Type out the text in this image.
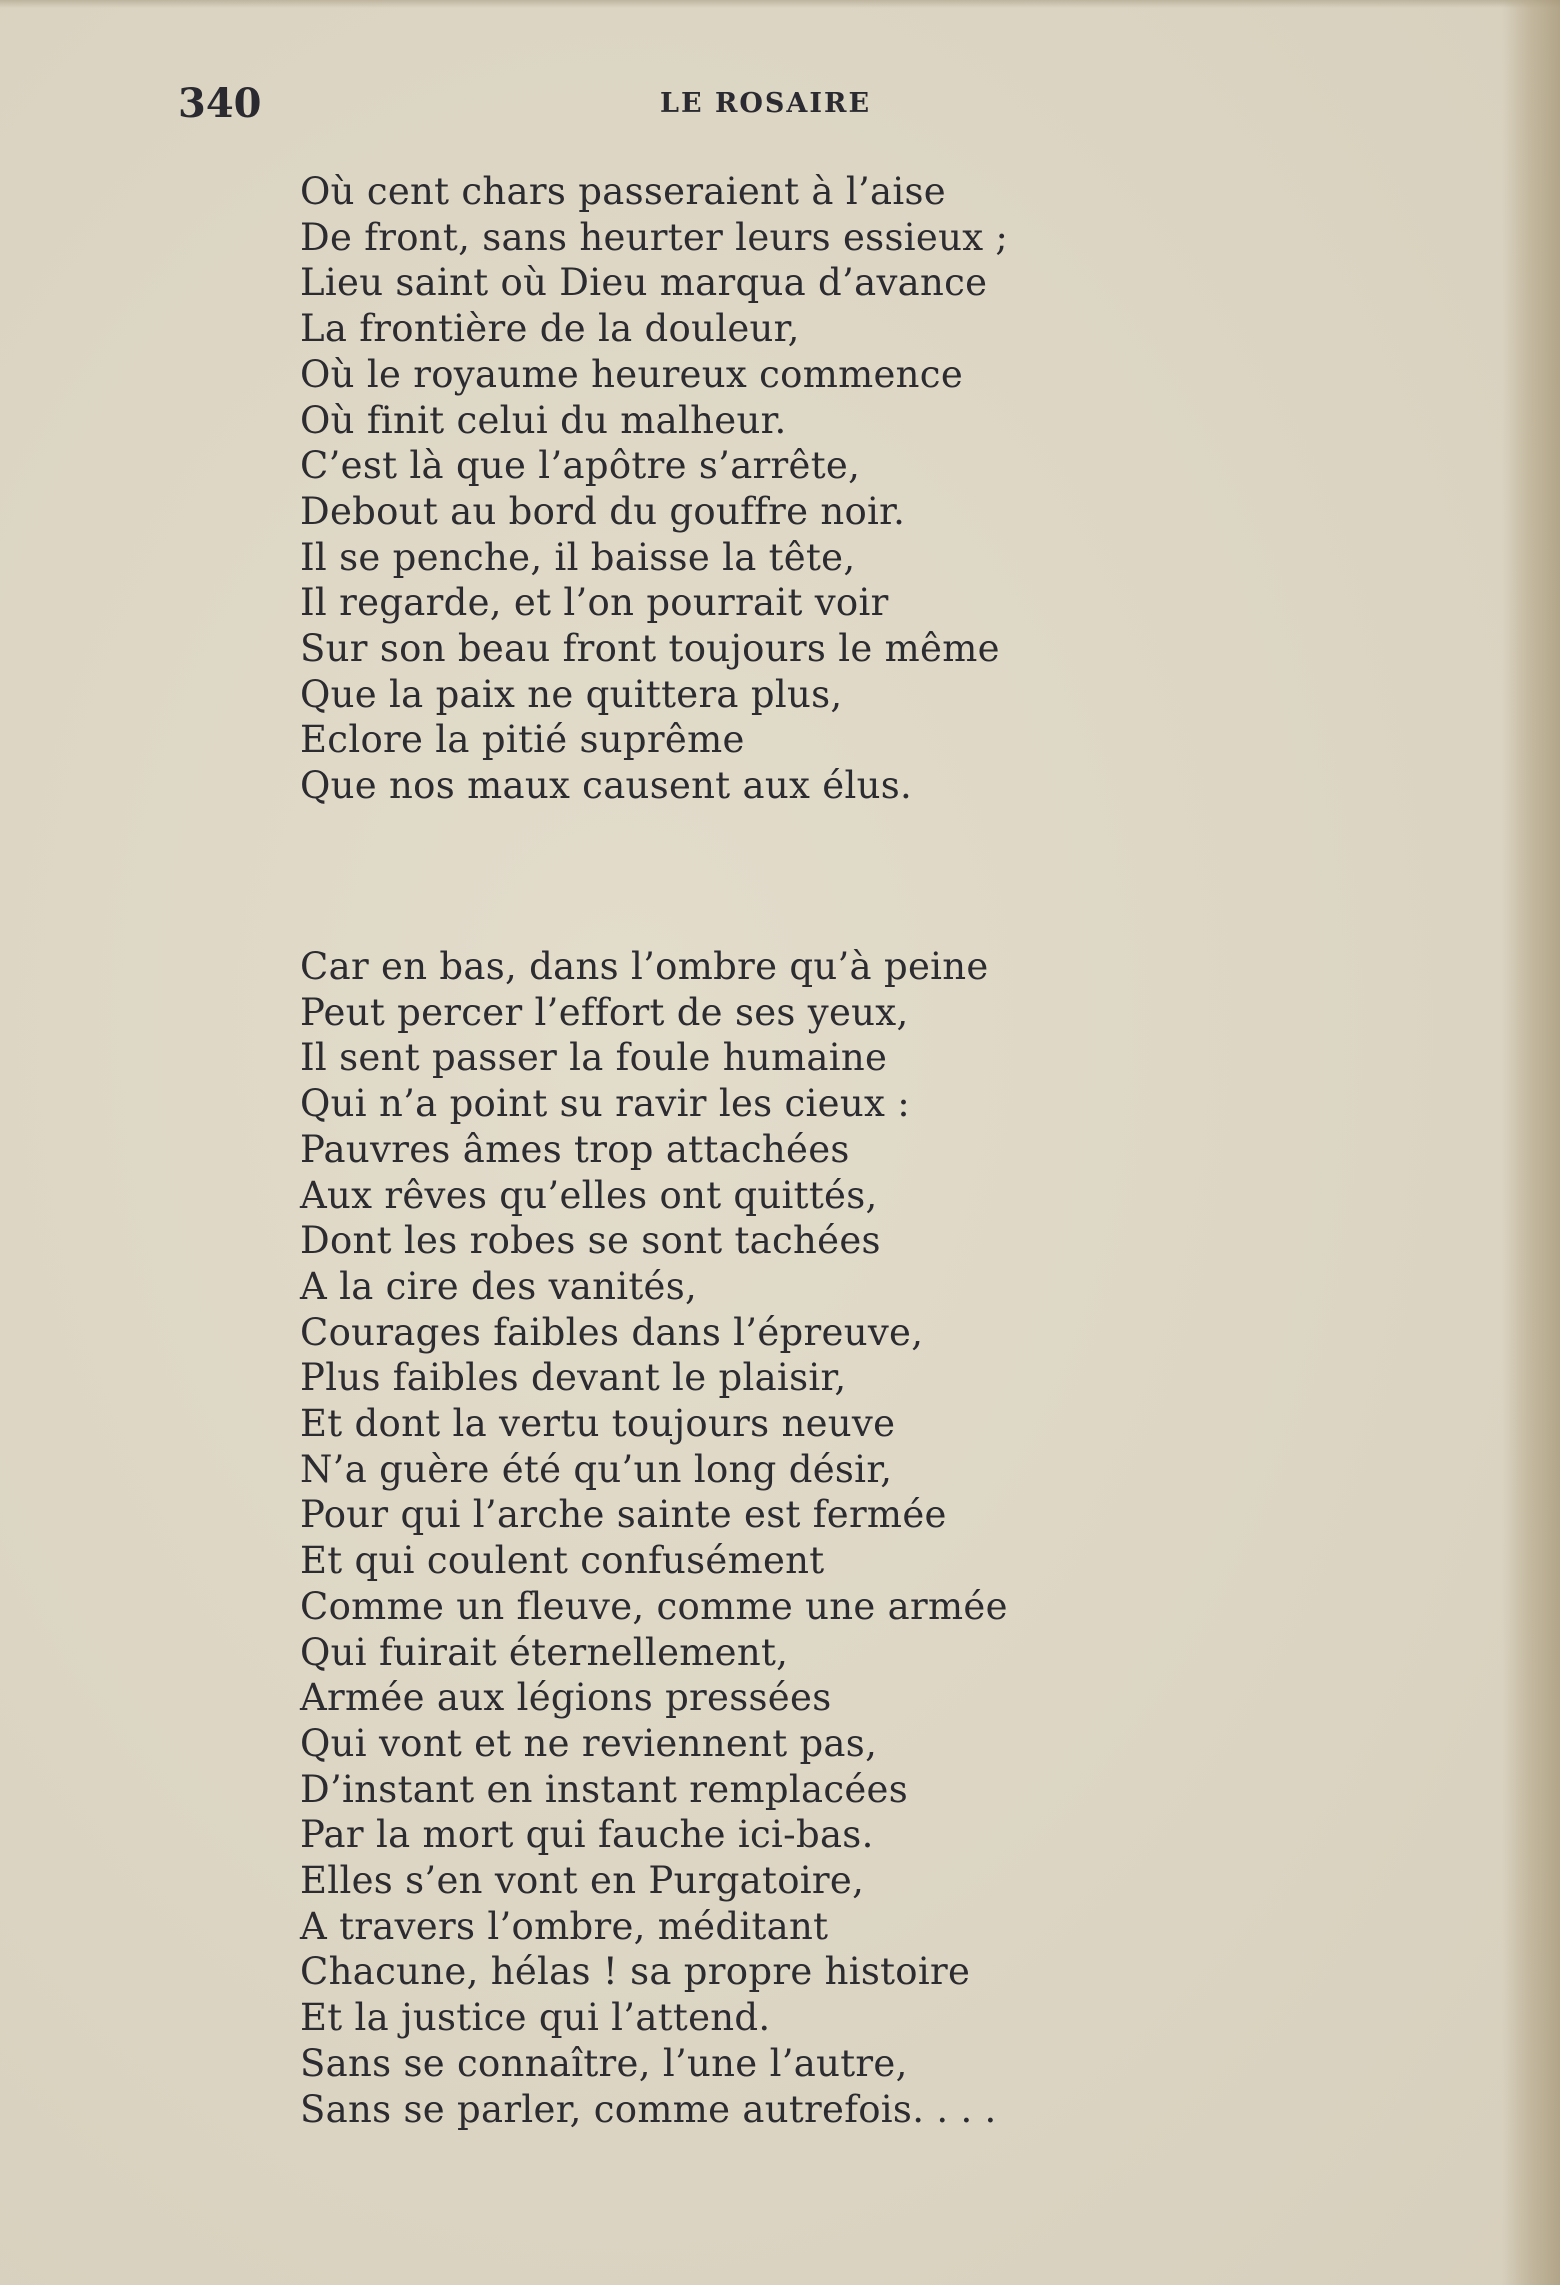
340	LE ROSAIRE
Où cent chars passeraient à l’aise
De front, sans heurter leurs essieux ;
Lieu saint où Dieu marqua d’avance
La frontière de la douleur,
Où le royaume heureux commence
Où finit celui du malheur.
C’est là que l’apôtre s’arrête,
Debout au bord du gouffre noir.
Il se penche, il baisse la tête,
Il regarde, et l’on pourrait voir
Sur son beau front toujours le même
Que la paix ne quittera plus,
Eclore la pitié suprême
Que nos maux causent aux élus.
Car en bas, dans l’ombre qu’à peine
Peut percer l’effort de ses yeux,
Il sent passer la foule humaine
Qui n’a point su ravir les cieux :
Pauvres âmes trop attachées
Aux rêves qu’elles ont quittés,
Dont les robes se sont tachées
A la cire des vanités,
Courages faibles dans l’épreuve,
Plus faibles devant le plaisir,
Et dont la vertu toujours neuve
N’a guère été qu’un long désir,
Pour qui l’arche sainte est fermée
Et qui coulent confusément
Comme un fleuve, comme une armée
Qui fuirait éternellement,
Armée aux légions pressées
Qui vont et ne reviennent pas,
D’instant en instant remplacées
Par la mort qui fauche ici-bas.
Elles s’en vont en Purgatoire,
A travers l’ombre, méditant
Chacune, hélas ! sa propre histoire
Et la justice qui l’attend.
Sans se connaître, l’une l’autre,
Sans se parler, comme autrefois. . . .
